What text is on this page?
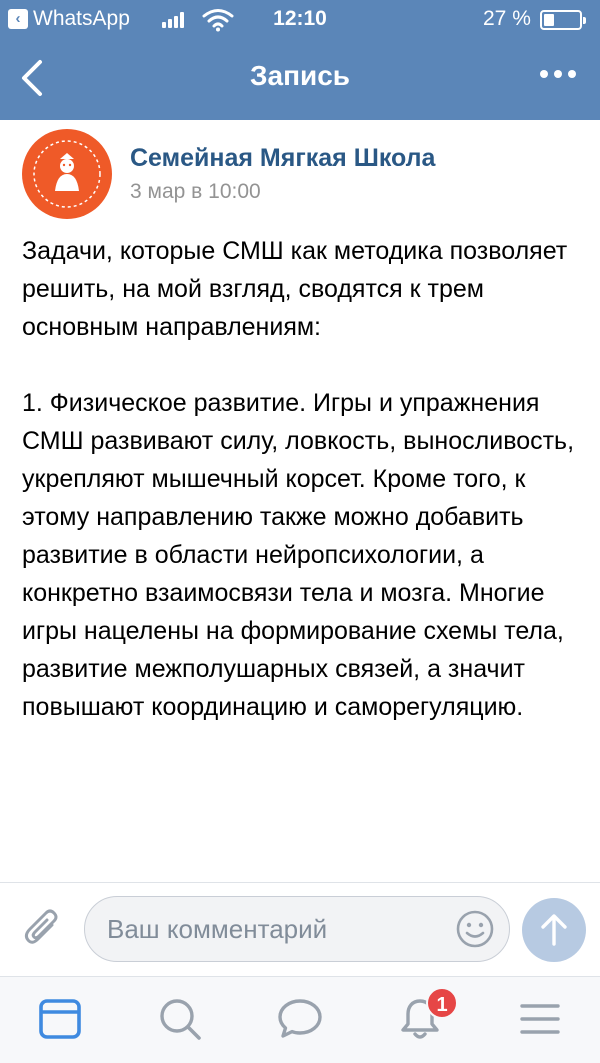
‹ WhatsApp	12:10	27 %
Запись
Семейная Мягкая Школа
3 мар в 10:00

Задачи, которые СМШ как методика позволяет решить, на мой взгляд, сводятся к трем основным направлениям:

1. Физическое развитие. Игры и упражнения СМШ развивают силу, ловкость, выносливость, укрепляют мышечный корсет. Кроме того, к этому направлению также можно добавить развитие в области нейропсихологии, а конкретно взаимосвязи тела и мозга. Многие игры нацелены на формирование схемы тела, развитие межполушарных связей, а значит повышают координацию и саморегуляцию.

Ваш комментарий
1
